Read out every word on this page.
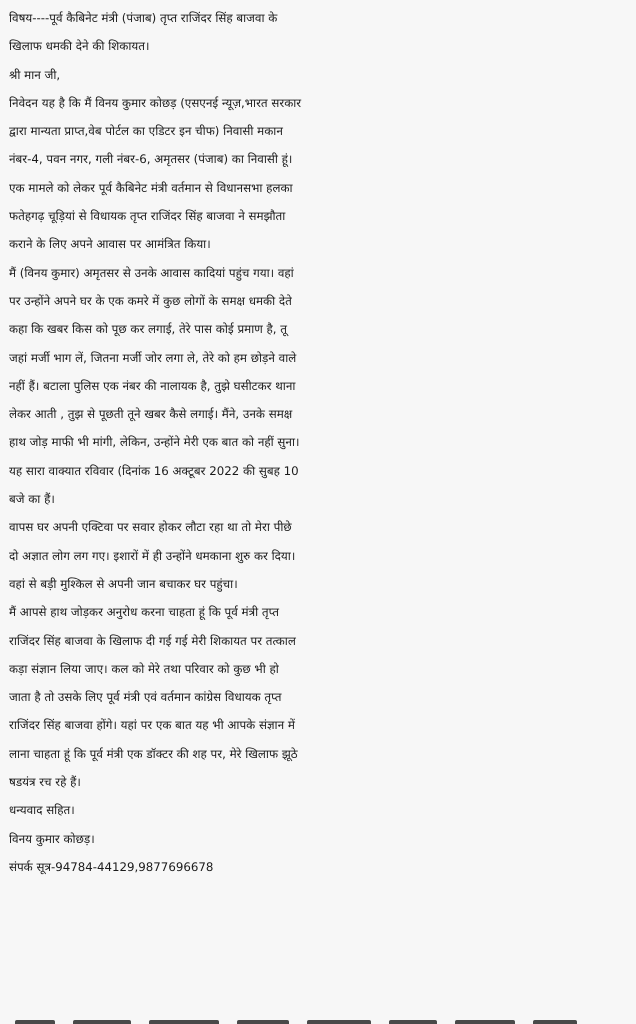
विषय----पूर्व कैबिनेट मंत्री (पंजाब) तृप्त राजिंदर सिंह बाजवा के
खिलाफ धमकी देने की शिकायत।
श्री मान जी,
निवेदन यह है कि मैं विनय कुमार कोछड़ (एसएनई न्यूज़,भारत सरकार
द्वारा मान्यता प्राप्त,वेब पोर्टल का एडिटर इन चीफ) निवासी मकान
नंबर-4, पवन नगर, गली नंबर-6, अमृतसर (पंजाब) का निवासी हूं।
एक मामले को लेकर पूर्व कैबिनेट मंत्री वर्तमान से विधानसभा हलका
फतेहगढ़ चूड़ियां से विधायक तृप्त राजिंदर सिंह बाजवा ने समझौता
कराने के लिए अपने आवास पर आमंत्रित किया।
मैं (विनय कुमार) अमृतसर से उनके आवास कादियां पहुंच गया। वहां
पर उन्होंने अपने घर के एक कमरे में कुछ लोगों के समक्ष धमकी देते
कहा कि खबर किस को पूछ कर लगाई, तेरे पास कोई प्रमाण है, तू
जहां मर्जी भाग लें, जितना मर्जी जोर लगा ले, तेरे को हम छोड़ने वाले
नहीं हैं। बटाला पुलिस एक नंबर की नालायक है, तुझे घसीटकर थाना
लेकर आती , तुझ से पूछती तूने खबर कैसे लगाई। मैंने, उनके समक्ष
हाथ जोड़ माफी भी मांगी, लेकिन, उन्होंने मेरी एक बात को नहीं सुना।
यह सारा वाक्यात रविवार (दिनांक 16 अक्टूबर 2022 की सुबह 10
बजे का हैं।
वापस घर अपनी एक्टिवा पर सवार होकर लौटा रहा था तो मेरा पीछे
दो अज्ञात लोग लग गए। इशारों में ही उन्होंने धमकाना शुरु कर दिया।
वहां से बड़ी मुश्किल से अपनी जान बचाकर घर पहुंचा।
मैं आपसे हाथ जोड़कर अनुरोध करना चाहता हूं कि पूर्व मंत्री तृप्त
राजिंदर सिंह बाजवा के खिलाफ दी गई गई मेरी शिकायत पर तत्काल
कड़ा संज्ञान लिया जाए। कल को मेरे तथा परिवार को कुछ भी हो
जाता है तो उसके लिए पूर्व मंत्री एवं वर्तमान कांग्रेस विधायक तृप्त
राजिंदर सिंह बाजवा होंगे। यहां पर एक बात यह भी आपके संज्ञान में
लाना चाहता हूं कि पूर्व मंत्री एक डॉक्टर की शह पर, मेरे खिलाफ झूठे
षडयंत्र रच रहे हैं।
धन्यवाद सहित।
विनय कुमार कोछड़।
संपर्क सूत्र-94784-44129,9877696678
